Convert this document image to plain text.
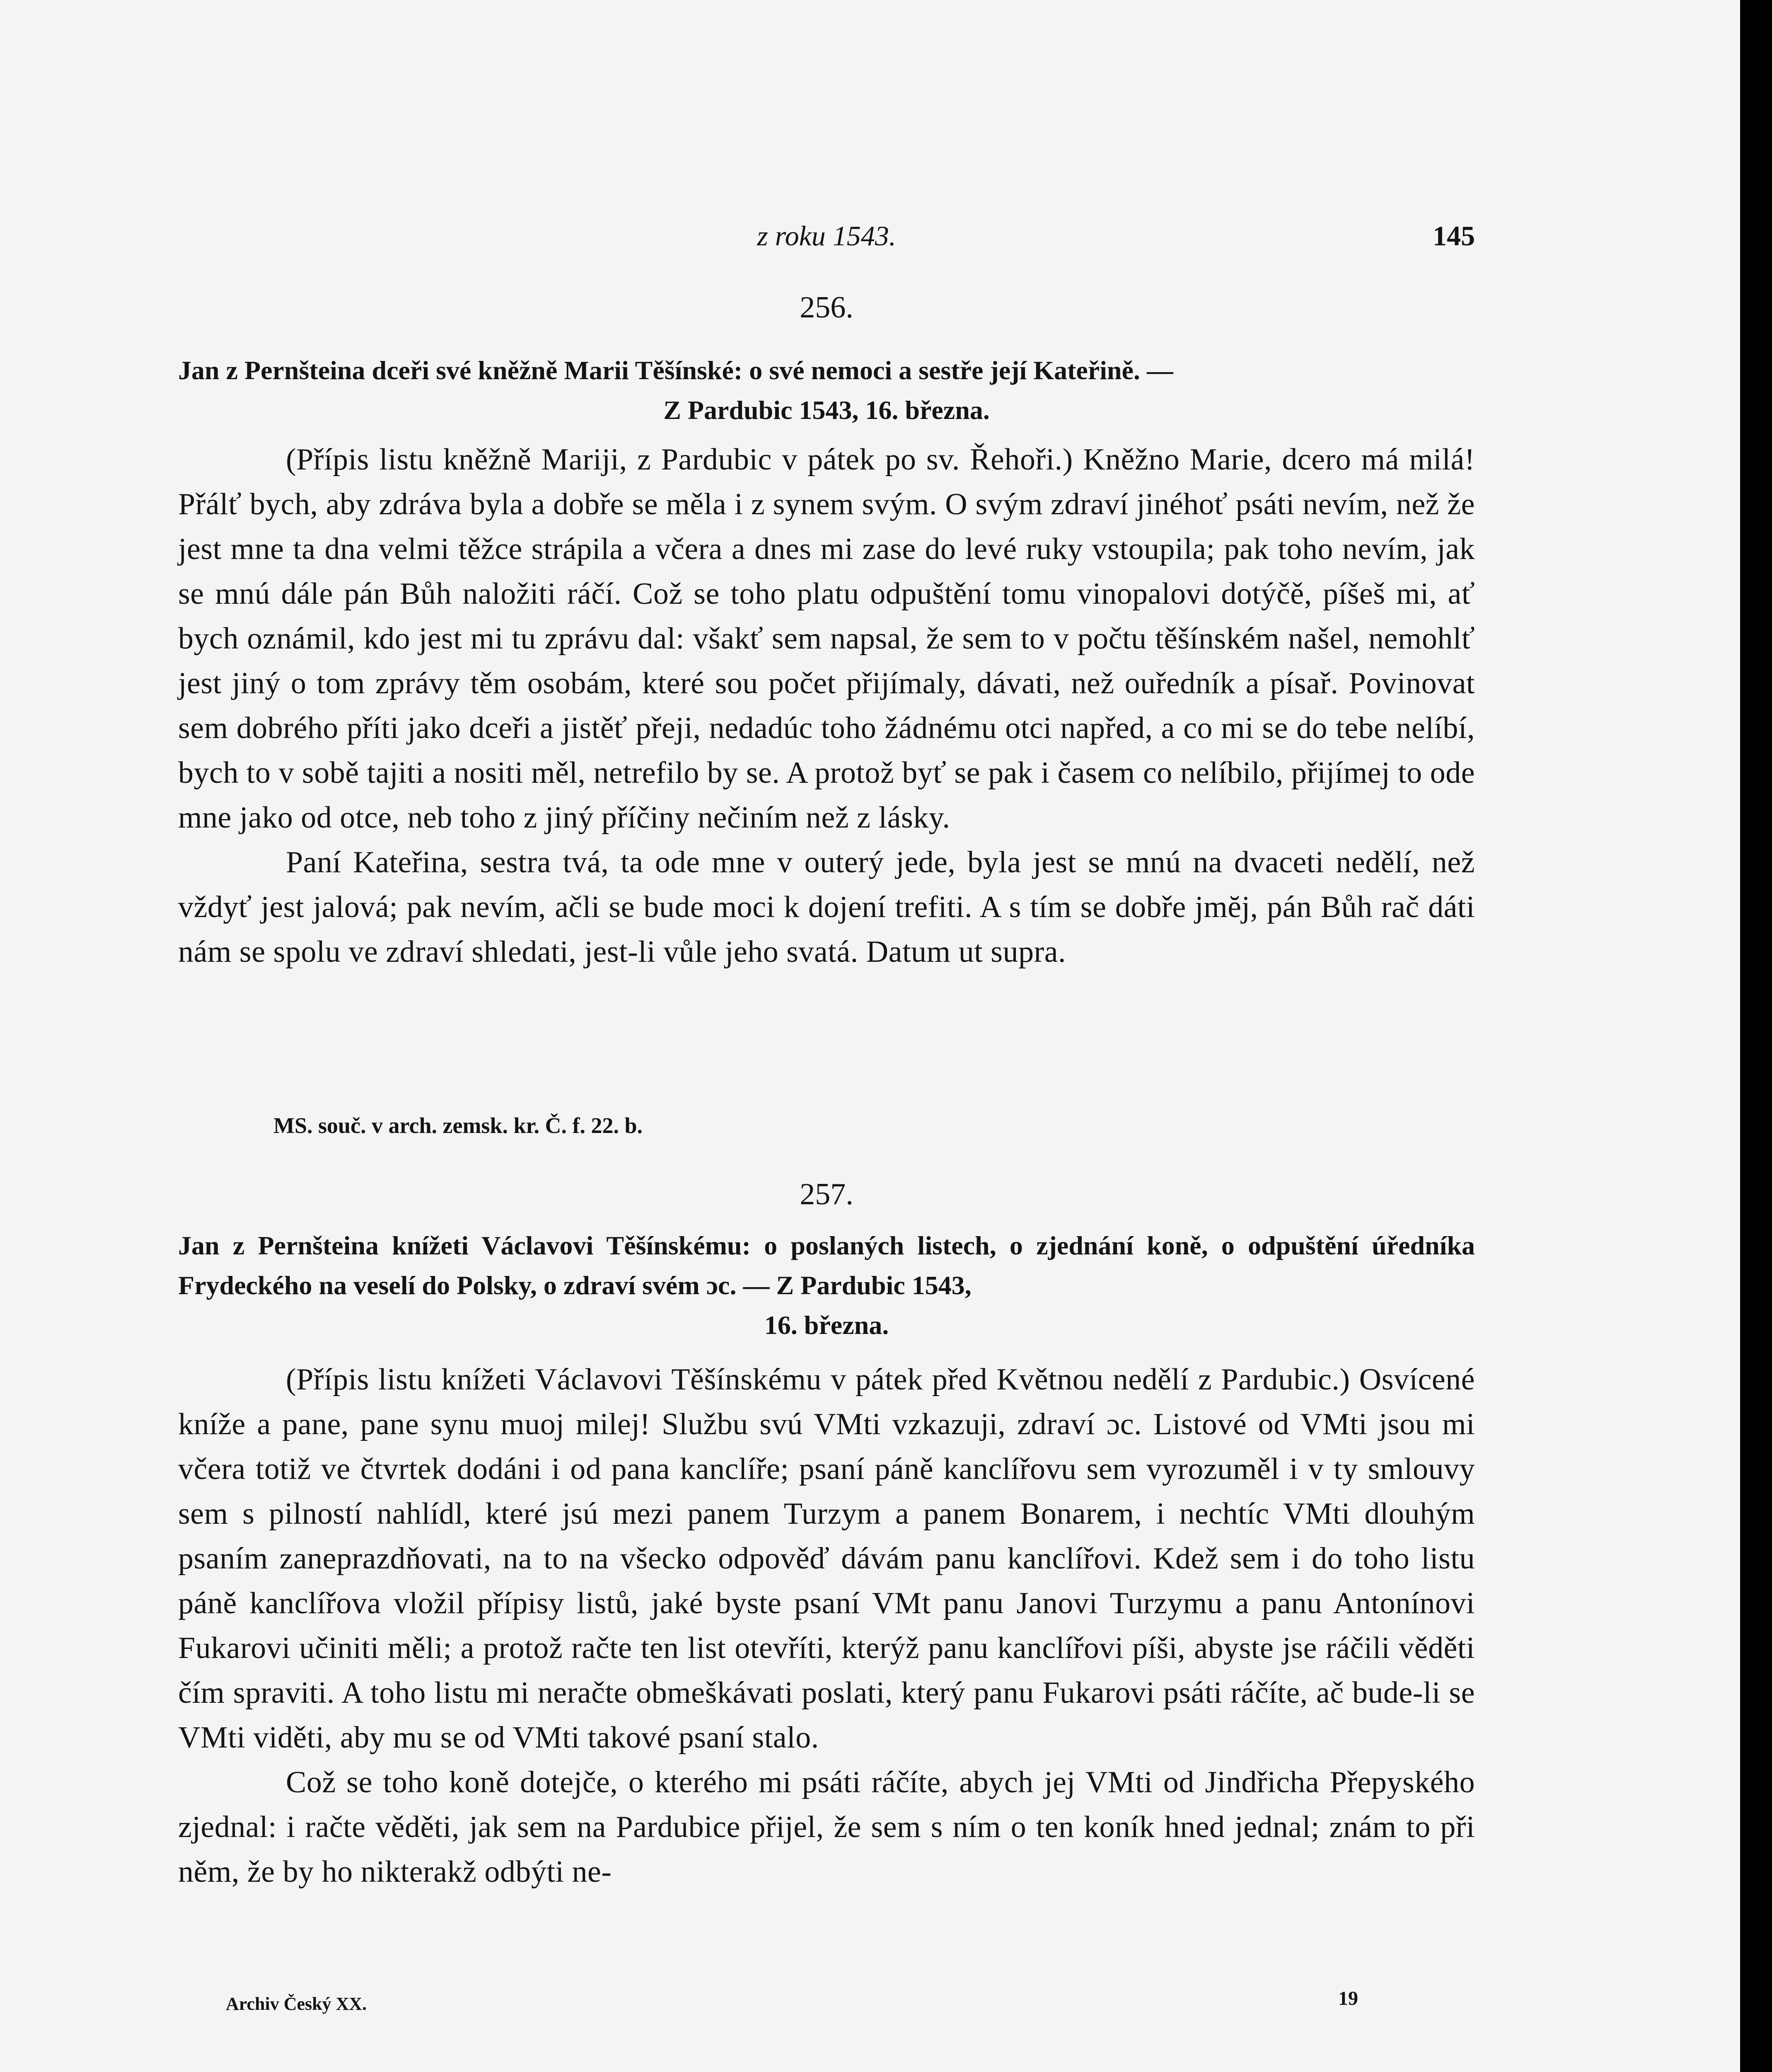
z roku 1543.	145
256.
Jan z Pernšteina dceři své kněžně Marii Těšínské: o své nemoci a sestře její Kateřině. —
Z Pardubic 1543, 16. března.

(Přípis listu kněžně Mariji, z Pardubic v pátek po sv. Řehoři.) Kněžno Marie, dcero má milá! Přálť bych, aby zdráva byla a dobře se měla i z synem svým. O svým zdraví jinéhoť psáti nevím, než že jest mne ta dna velmi těžce strápila a včera a dnes mi zase do levé ruky vstoupila; pak toho nevím, jak se mnú dále pán Bůh naložiti ráčí. Což se toho platu odpuštění tomu vinopalovi dotýčě, píšeš mi, ať bych oznámil, kdo jest mi tu zprávu dal: všakť sem napsal, že sem to v počtu těšínském našel, nemohlť jest jiný o tom zprávy těm osobám, které sou počet přijímaly, dávati, než ouředník a písař. Povinovat sem dobrého příti jako dceři a jistěť přeji, nedadúc toho žádnému otci napřed, a co mi se do tebe nelíbí, bych to v sobě tajiti a nositi měl, netrefilo by se. A protož byť se pak i časem co nelíbilo, přijímej to ode mne jako od otce, neb toho z jiný příčiny nečiním než z lásky.

Paní Kateřina, sestra tvá, ta ode mne v outerý jede, byla jest se mnú na dvaceti nedělí, než vždyť jest jalová; pak nevím, ačli se bude moci k dojení trefiti. A s tím se dobře jmĕj, pán Bůh rač dáti nám se spolu ve zdraví shledati, jest-li vůle jeho svatá. Datum ut supra.

MS. souč. v arch. zemsk. kr. Č. f. 22. b.
257.
Jan z Pernšteina knížeti Václavovi Těšínskému: o poslaných listech, o zjednání koně, o odpuštění úředníka Frydeckého na veselí do Polsky, o zdraví svém ɔc. — Z Pardubic 1543,
16. března.

(Přípis listu knížeti Václavovi Těšínskému v pátek před Květnou nedělí z Pardubic.) Osvícené kníže a pane, pane synu muoj milej! Službu svú VMti vzkazuji, zdraví ɔc. Listové od VMti jsou mi včera totiž ve čtvrtek dodáni i od pana kanclíře; psaní páně kanclířovu sem vyrozuměl i v ty smlouvy sem s pilností nahlídl, které jsú mezi panem Turzym a panem Bonarem, i nechtíc VMti dlouhým psaním zaneprazdňovati, na to na všecko odpověď dávám panu kanclířovi. Kdež sem i do toho listu páně kanclířova vložil přípisy listů, jaké byste psaní VMt panu Janovi Turzymu a panu Antonínovi Fukarovi učiniti měli; a protož račte ten list otevříti, kterýž panu kanclířovi píši, abyste jse ráčili věděti čím spraviti. A toho listu mi neračte obmeškávati poslati, který panu Fukarovi psáti ráčíte, ač bude-li se VMti viděti, aby mu se od VMti takové psaní stalo.

Což se toho koně dotejče, o kterého mi psáti ráčíte, abych jej VMti od Jindřicha Přepyského zjednal: i račte věděti, jak sem na Pardubice přijel, že sem s ním o ten koník hned jednal; znám to při něm, že by ho nikterakž odbýti ne-

Archiv Český XX.	19
